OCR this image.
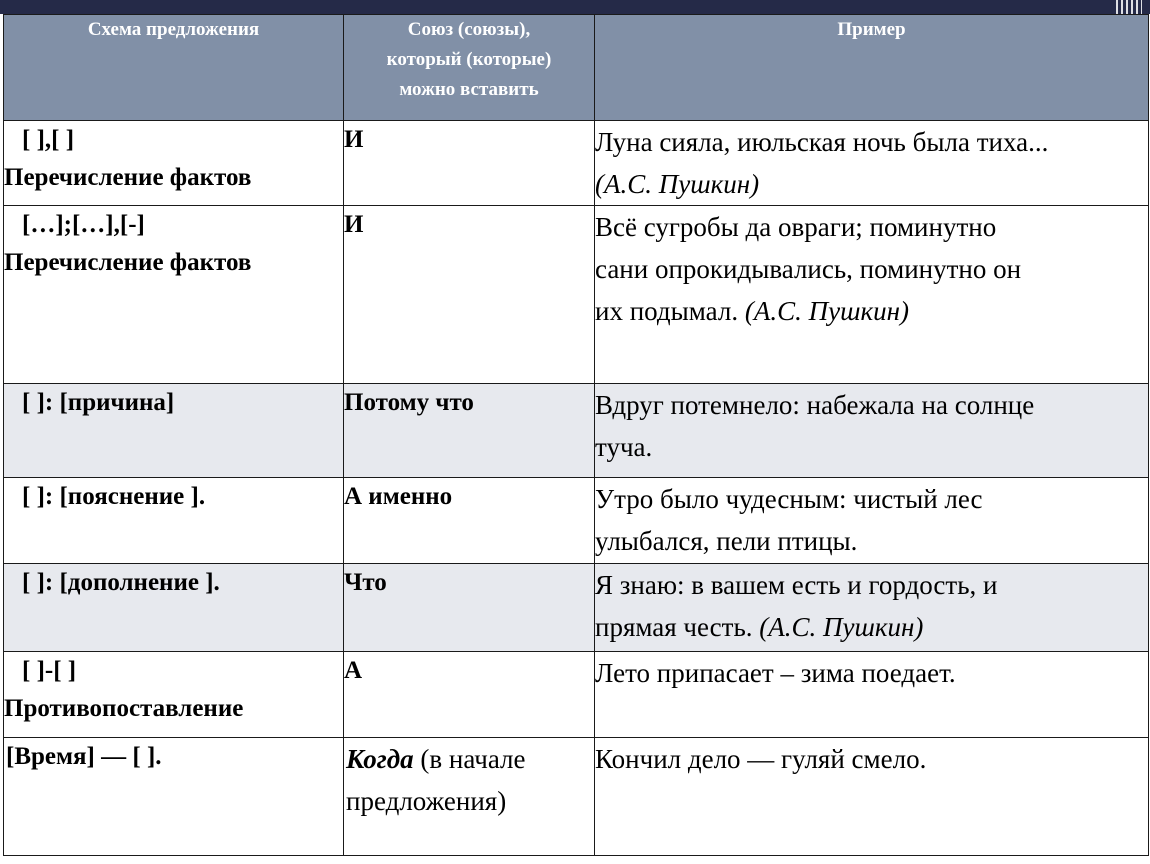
Схема предложения	Союз (союзы),
который (которые)
можно вставить	Пример

[ ],[ ]
Перечисление фактов	И	Луна сияла, июльская ночь была тиха...
(А.С. Пушкин)

[…];[…],[-]
Перечисление фактов	И	Всё сугробы да овраги; поминутно
сани опрокидывались, поминутно он
их подымал. (А.С. Пушкин)

[ ]: [причина]	Потому что	Вдруг потемнело: набежала на солнце
туча.

[ ]: [пояснение ].	А именно	Утро было чудесным: чистый лес
улыбался, пели птицы.

[ ]: [дополнение ].	Что	Я знаю: в вашем есть и гордость, и
прямая честь. (А.С. Пушкин)

[ ]-[ ]
Противопоставление	А	Лето припасает – зима поедает.

[Время] — [ ].	Когда (в начале
предложения)	Кончил дело — гуляй смело.
